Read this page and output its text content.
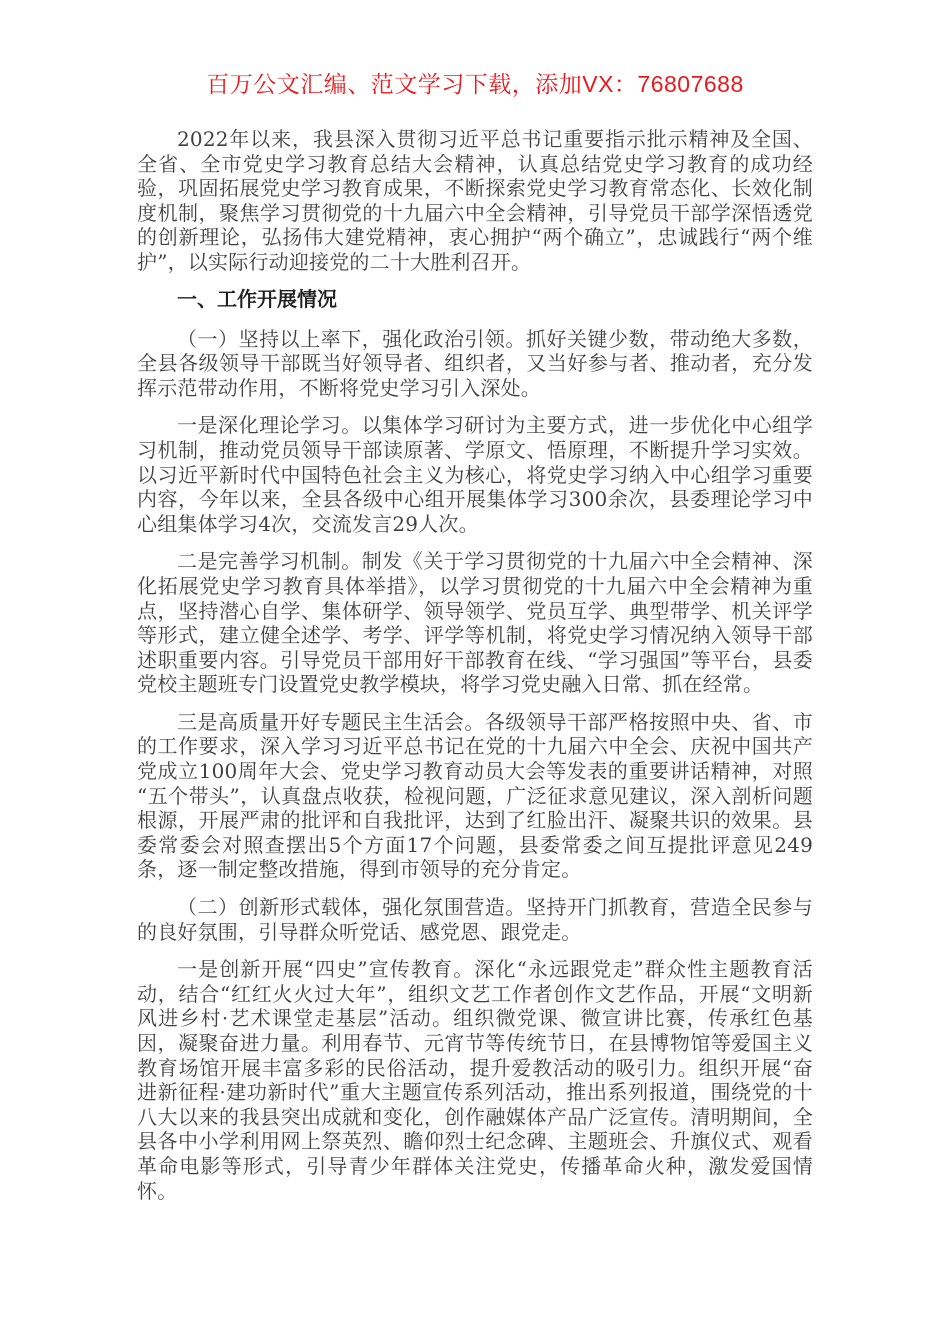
百万公文汇编、范文学习下载，添加VX：76807688

2022年以来，我县深入贯彻习近平总书记重要指示批示精神及全国、全省、全市党史学习教育总结大会精神，认真总结党史学习教育的成功经验，巩固拓展党史学习教育成果，不断探索党史学习教育常态化、长效化制度机制，聚焦学习贯彻党的十九届六中全会精神，引导党员干部学深悟透党的创新理论，弘扬伟大建党精神，衷心拥护“两个确立”，忠诚践行“两个维护”，以实际行动迎接党的二十大胜利召开。

一、工作开展情况

（一）坚持以上率下，强化政治引领。抓好关键少数，带动绝大多数，全县各级领导干部既当好领导者、组织者，又当好参与者、推动者，充分发挥示范带动作用，不断将党史学习引入深处。

一是深化理论学习。以集体学习研讨为主要方式，进一步优化中心组学习机制，推动党员领导干部读原著、学原文、悟原理，不断提升学习实效。以习近平新时代中国特色社会主义为核心，将党史学习纳入中心组学习重要内容，今年以来，全县各级中心组开展集体学习300余次，县委理论学习中心组集体学习4次，交流发言29人次。

二是完善学习机制。制发《关于学习贯彻党的十九届六中全会精神、深化拓展党史学习教育具体举措》，以学习贯彻党的十九届六中全会精神为重点，坚持潜心自学、集体研学、领导领学、党员互学、典型带学、机关评学等形式，建立健全述学、考学、评学等机制，将党史学习情况纳入领导干部述职重要内容。引导党员干部用好干部教育在线、“学习强国”等平台，县委党校主题班专门设置党史教学模块，将学习党史融入日常、抓在经常。

三是高质量开好专题民主生活会。各级领导干部严格按照中央、省、市的工作要求，深入学习习近平总书记在党的十九届六中全会、庆祝中国共产党成立100周年大会、党史学习教育动员大会等发表的重要讲话精神，对照“五个带头”，认真盘点收获，检视问题，广泛征求意见建议，深入剖析问题根源，开展严肃的批评和自我批评，达到了红脸出汗、凝聚共识的效果。县委常委会对照查摆出5个方面17个问题，县委常委之间互提批评意见249条，逐一制定整改措施，得到市领导的充分肯定。

（二）创新形式载体，强化氛围营造。坚持开门抓教育，营造全民参与的良好氛围，引导群众听党话、感党恩、跟党走。

一是创新开展“四史”宣传教育。深化“永远跟党走”群众性主题教育活动，结合“红红火火过大年”，组织文艺工作者创作文艺作品，开展“文明新风进乡村·艺术课堂走基层”活动。组织微党课、微宣讲比赛，传承红色基因，凝聚奋进力量。利用春节、元宵节等传统节日，在县博物馆等爱国主义教育场馆开展丰富多彩的民俗活动，提升爱教活动的吸引力。组织开展“奋进新征程·建功新时代”重大主题宣传系列活动，推出系列报道，围绕党的十八大以来的我县突出成就和变化，创作融媒体产品广泛宣传。清明期间，全县各中小学利用网上祭英烈、瞻仰烈士纪念碑、主题班会、升旗仪式、观看革命电影等形式，引导青少年群体关注党史，传播革命火种，激发爱国情怀。
